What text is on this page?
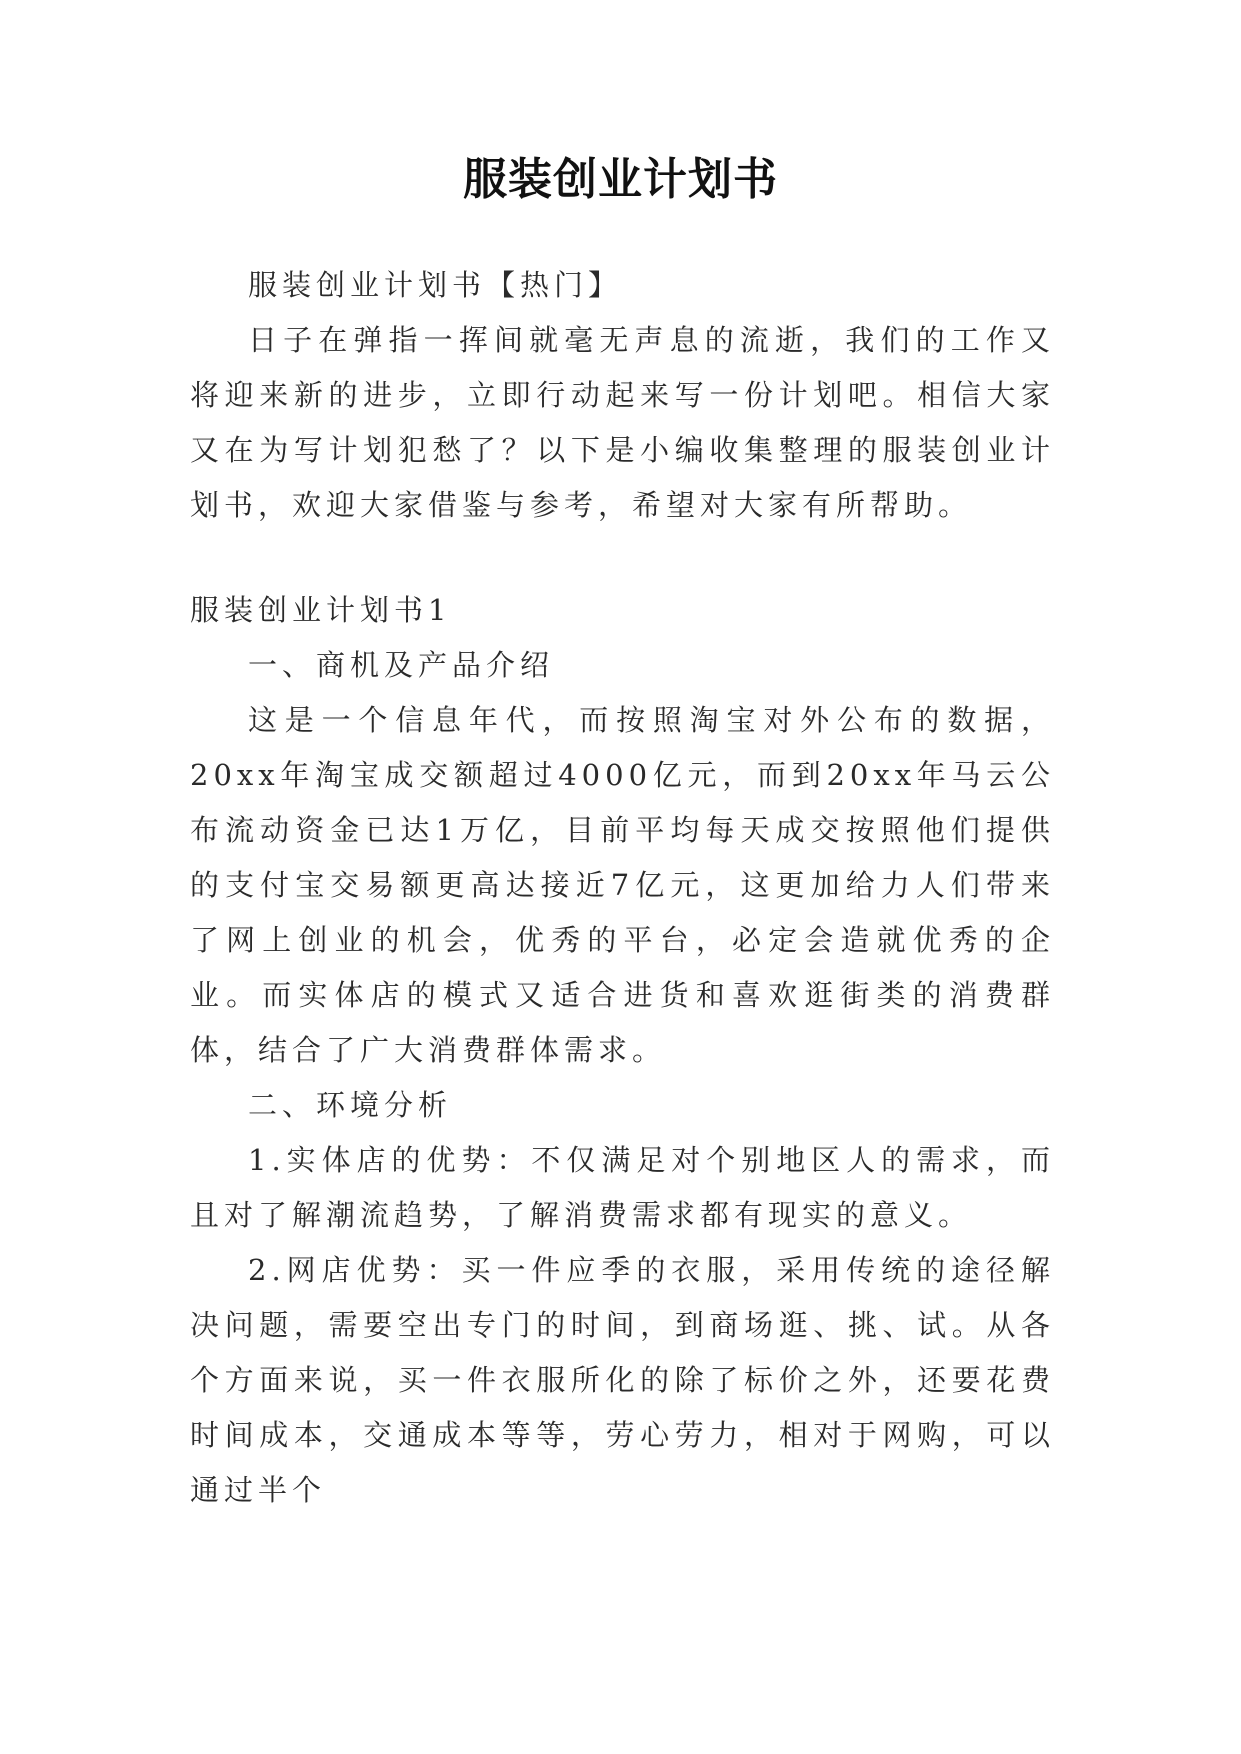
服装创业计划书

服装创业计划书【热门】

日子在弹指一挥间就毫无声息的流逝，我们的工作又将迎来新的进步，立即行动起来写一份计划吧。相信大家又在为写计划犯愁了？以下是小编收集整理的服装创业计划书，欢迎大家借鉴与参考，希望对大家有所帮助。

服装创业计划书1

一、商机及产品介绍

这是一个信息年代，而按照淘宝对外公布的数据，20xx年淘宝成交额超过4000亿元，而到20xx年马云公布流动资金已达1万亿，目前平均每天成交按照他们提供的支付宝交易额更高达接近7亿元，这更加给力人们带来了网上创业的机会，优秀的平台，必定会造就优秀的企业。而实体店的模式又适合进货和喜欢逛街类的消费群体，结合了广大消费群体需求。

二、环境分析

1.实体店的优势：不仅满足对个别地区人的需求，而且对了解潮流趋势，了解消费需求都有现实的意义。

2.网店优势：买一件应季的衣服，采用传统的途径解决问题，需要空出专门的时间，到商场逛、挑、试。从各个方面来说，买一件衣服所化的除了标价之外，还要花费时间成本，交通成本等等，劳心劳力，相对于网购，可以通过半个
